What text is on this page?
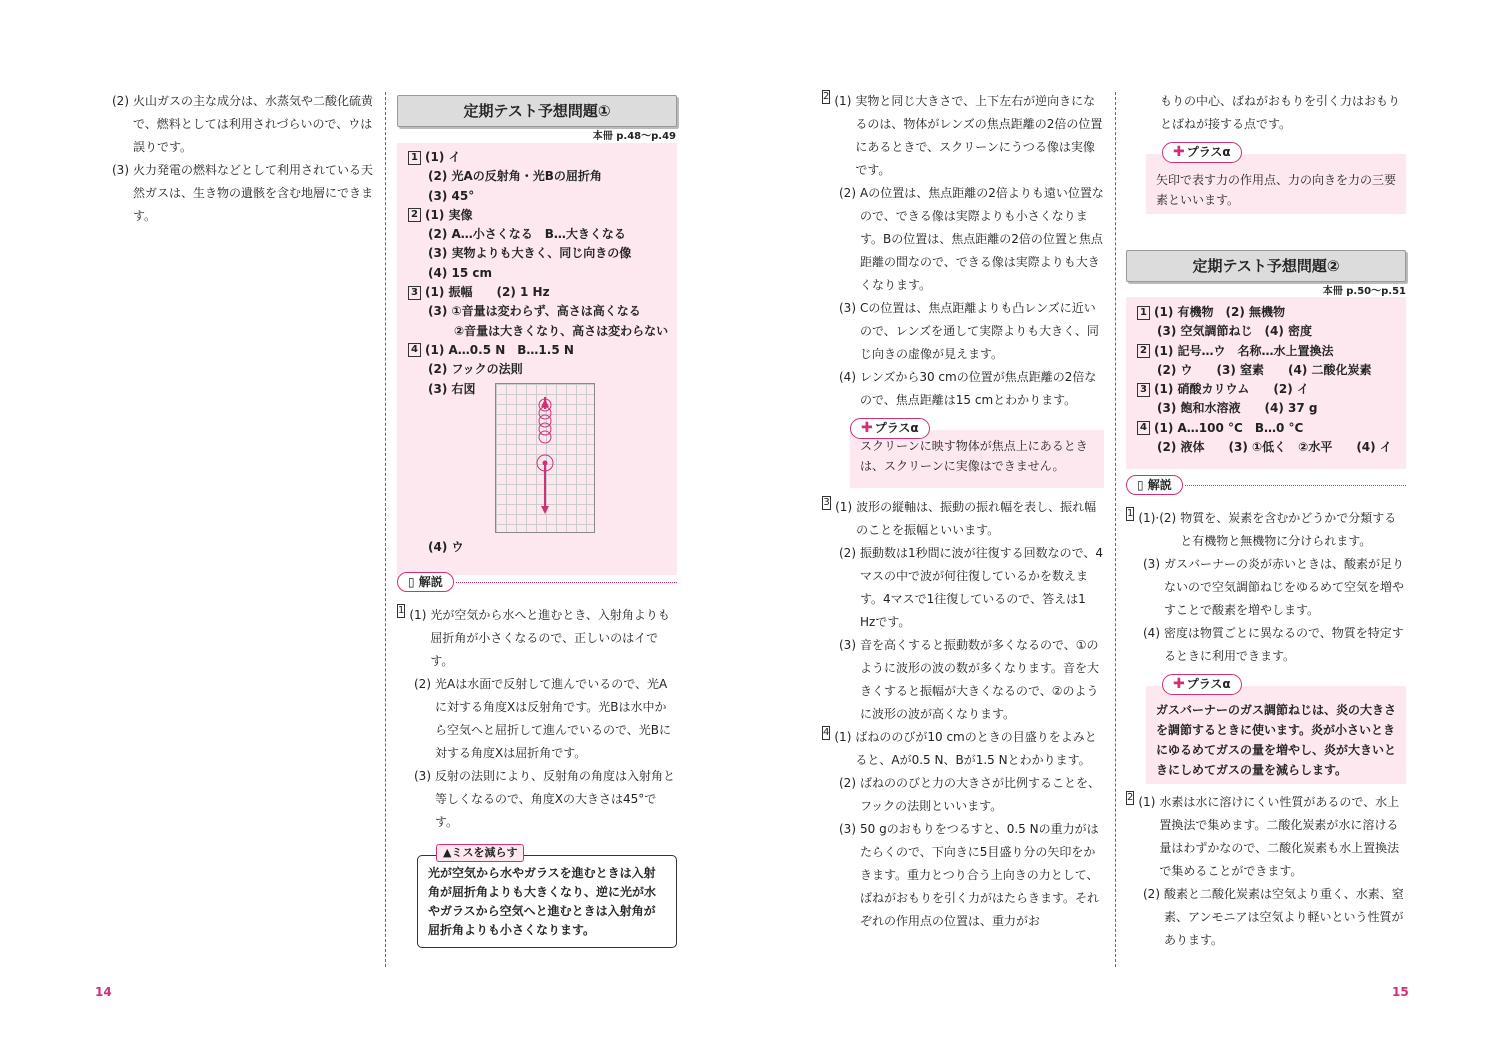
(2) 火山ガスの主な成分は、水蒸気や二酸化硫黄で、燃料としては利用されづらいので、ウは誤りです。
(3) 火力発電の燃料などとして利用されている天然ガスは、生き物の遺骸を含む地層にできます。
定期テスト予想問題①
本冊 p.48〜p.49
1 (1) イ
(2) 光Aの反射角・光Bの屈折角
(3) 45°
2 (1) 実像
(2) A…小さくなる　B…大きくなる
(3) 実物よりも大きく、同じ向きの像
(4) 15 cm
3 (1) 振幅　　(2) 1 Hz
(3) ①音量は変わらず、高さは高くなる
②音量は大きくなり、高さは変わらない
4 (1) A…0.5 N　B…1.5 N
(2) フックの法則
(3) 右図
(4) ウ
▯ 解説
1 (1) 光が空気から水へと進むとき、入射角よりも屈折角が小さくなるので、正しいのはイです。
(2) 光Aは水面で反射して進んでいるので、光Aに対する角度Xは反射角です。光Bは水中から空気へと屈折して進んでいるので、光Bに対する角度Xは屈折角です。
(3) 反射の法則により、反射角の角度は入射角と等しくなるので、角度Xの大きさは45°です。
▲ミスを減らす
光が空気から水やガラスを進むときは入射角が屈折角よりも大きくなり、逆に光が水やガラスから空気へと進むときは入射角が屈折角よりも小さくなります。
14
2 (1) 実物と同じ大きさで、上下左右が逆向きになるのは、物体がレンズの焦点距離の2倍の位置にあるときで、スクリーンにうつる像は実像です。
(2) Aの位置は、焦点距離の2倍よりも遠い位置なので、できる像は実際よりも小さくなります。Bの位置は、焦点距離の2倍の位置と焦点距離の間なので、できる像は実際よりも大きくなります。
(3) Cの位置は、焦点距離よりも凸レンズに近いので、レンズを通して実際よりも大きく、同じ向きの虚像が見えます。
(4) レンズから30 cmの位置が焦点距離の2倍なので、焦点距離は15 cmとわかります。
スクリーンに映す物体が焦点上にあるときは、スクリーンに実像はできません。
✚ プラスα
3 (1) 波形の縦軸は、振動の振れ幅を表し、振れ幅のことを振幅といいます。
(2) 振動数は1秒間に波が往復する回数なので、4マスの中で波が何往復しているかを数えます。4マスで1往復しているので、答えは1 Hzです。
(3) 音を高くすると振動数が多くなるので、①のように波形の波の数が多くなります。音を大きくすると振幅が大きくなるので、②のように波形の波が高くなります。
4 (1) ばねののびが10 cmのときの目盛りをよみとると、Aが0.5 N、Bが1.5 Nとわかります。
(2) ばねののびと力の大きさが比例することを、フックの法則といいます。
(3) 50 gのおもりをつるすと、0.5 Nの重力がはたらくので、下向きに5目盛り分の矢印をかきます。重力とつり合う上向きの力として、ばねがおもりを引く力がはたらきます。それぞれの作用点の位置は、重力がお
もりの中心、ばねがおもりを引く力はおもりとばねが接する点です。
矢印で表す力の作用点、力の向きを力の三要素といいます。
✚ プラスα
定期テスト予想問題②
本冊 p.50〜p.51
1 (1) 有機物　(2) 無機物
(3) 空気調節ねじ　(4) 密度
2 (1) 記号…ウ　名称…水上置換法
(2) ウ　　(3) 窒素　　(4) 二酸化炭素
3 (1) 硝酸カリウム　　(2) イ
(3) 飽和水溶液　　(4) 37 g
4 (1) A…100 °C　B…0 °C
(2) 液体　　(3) ①低く　②水平　　(4) イ
▯ 解説
1 (1)·(2) 物質を、炭素を含むかどうかで分類すると有機物と無機物に分けられます。
(3) ガスバーナーの炎が赤いときは、酸素が足りないので空気調節ねじをゆるめて空気を増やすことで酸素を増やします。
(4) 密度は物質ごとに異なるので、物質を特定するときに利用できます。
ガスバーナーのガス調節ねじは、炎の大きさを調節するときに使います。炎が小さいときにゆるめてガスの量を増やし、炎が大きいときにしめてガスの量を減らします。
✚ プラスα
2 (1) 水素は水に溶けにくい性質があるので、水上置換法で集めます。二酸化炭素が水に溶ける量はわずかなので、二酸化炭素も水上置換法で集めることができます。
(2) 酸素と二酸化炭素は空気より重く、水素、窒素、アンモニアは空気より軽いという性質があります。
15
